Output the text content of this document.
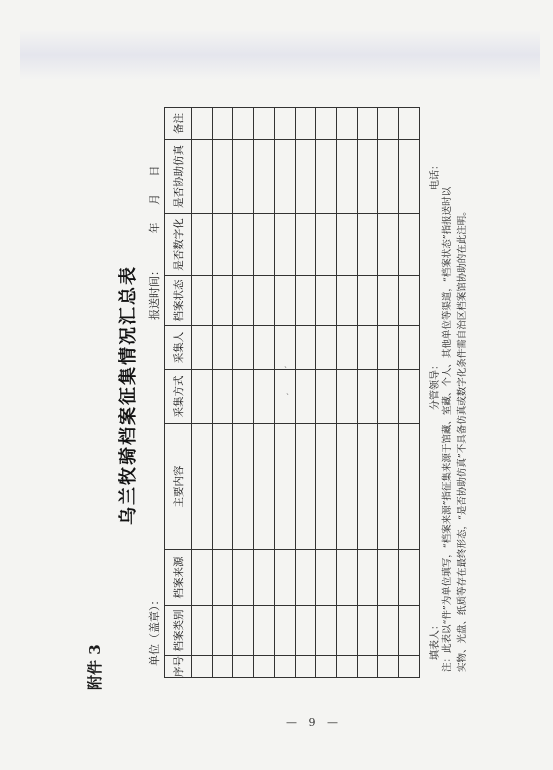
ˎ
ˎ
附件 3
乌兰牧骑档案征集情况汇总表
单位（盖章）：
报送时间：         年     月     日
序号	档案类别	档案来源	主要内容	采集方式	采集人	档案状态	是否数字化	是否协助仿真	备注

填表人：
分管领导：
电话：
注：此表以“件”为单位填写，“档案来源”指征集来源于馆藏、室藏、个人、其他单位等渠道，“档案状态”指报送时以 实物、光盘、纸质等存在最终形态，“是否协助仿真”不具备仿真或数字化条件需自治区档案馆协助的在此注明。
— 9 —
